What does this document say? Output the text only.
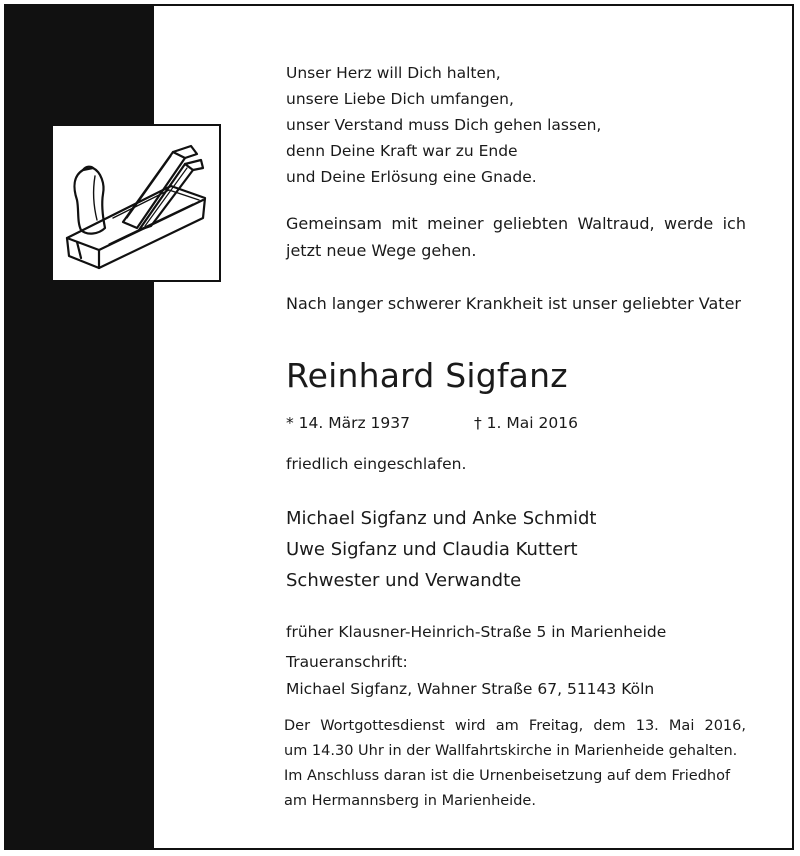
Unser Herz will Dich halten,

unsere Liebe Dich umfangen,

unser Verstand muss Dich gehen lassen,

denn Deine Kraft war zu Ende

und Deine Erlösung eine Gnade.

Gemeinsam mit meiner geliebten Waltraud, werde ich jetzt neue Wege gehen.

Nach langer schwerer Krankheit ist unser geliebter Vater

Reinhard Sigfanz
* 14. März 1937	† 1. Mai 2016

friedlich eingeschlafen.

Michael Sigfanz und Anke Schmidt
Uwe Sigfanz und Claudia Kuttert
Schwester und Verwandte

früher Klausner-Heinrich-Straße 5 in Marienheide

Traueranschrift:

Michael Sigfanz, Wahner Straße 67, 51143 Köln

Der Wortgottesdienst wird am Freitag, dem 13. Mai 2016,

um 14.30 Uhr in der Wallfahrtskirche in Marienheide gehalten.

Im Anschluss daran ist die Urnenbeisetzung auf dem Friedhof

am Hermannsberg in Marienheide.
